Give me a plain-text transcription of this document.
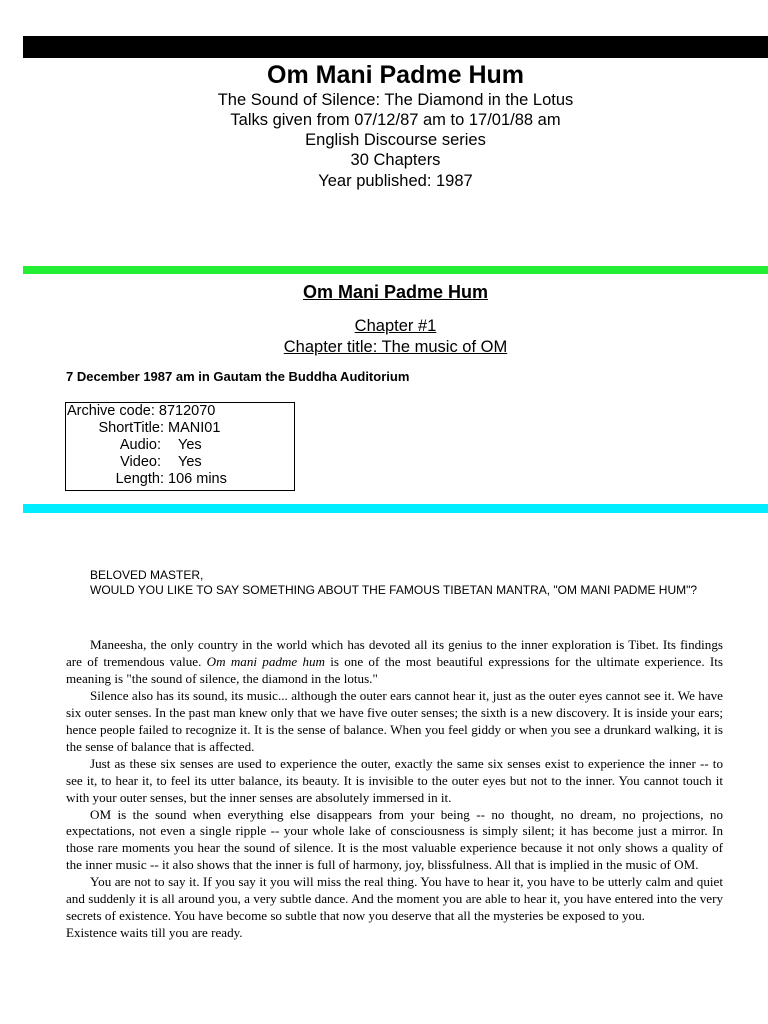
Om Mani Padme Hum
The Sound of Silence: The Diamond in the Lotus
Talks given from 07/12/87 am to 17/01/88 am
English Discourse series
30 Chapters
Year published: 1987
Om Mani Padme Hum
Chapter #1
Chapter title: The music of OM
7 December 1987 am in Gautam the Buddha Auditorium
Archive code: 8712070
ShortTitle: MANI01
Audio: Yes
Video: Yes
Length: 106 mins
BELOVED MASTER,
WOULD YOU LIKE TO SAY SOMETHING ABOUT THE FAMOUS TIBETAN MANTRA, "OM MANI PADME HUM"?

Maneesha, the only country in the world which has devoted all its genius to the inner exploration is Tibet. Its findings are of tremendous value. Om mani padme hum is one of the most beautiful expressions for the ultimate experience. Its meaning is "the sound of silence, the diamond in the lotus."

Silence also has its sound, its music... although the outer ears cannot hear it, just as the outer eyes cannot see it. We have six outer senses. In the past man knew only that we have five outer senses; the sixth is a new discovery. It is inside your ears; hence people failed to recognize it. It is the sense of balance. When you feel giddy or when you see a drunkard walking, it is the sense of balance that is affected.

Just as these six senses are used to experience the outer, exactly the same six senses exist to experience the inner -- to see it, to hear it, to feel its utter balance, its beauty. It is invisible to the outer eyes but not to the inner. You cannot touch it with your outer senses, but the inner senses are absolutely immersed in it.

OM is the sound when everything else disappears from your being -- no thought, no dream, no projections, no expectations, not even a single ripple -- your whole lake of consciousness is simply silent; it has become just a mirror. In those rare moments you hear the sound of silence. It is the most valuable experience because it not only shows a quality of the inner music -- it also shows that the inner is full of harmony, joy, blissfulness. All that is implied in the music of OM.

You are not to say it. If you say it you will miss the real thing. You have to hear it, you have to be utterly calm and quiet and suddenly it is all around you, a very subtle dance. And the moment you are able to hear it, you have entered into the very secrets of existence. You have become so subtle that now you deserve that all the mysteries be exposed to you.

Existence waits till you are ready.
